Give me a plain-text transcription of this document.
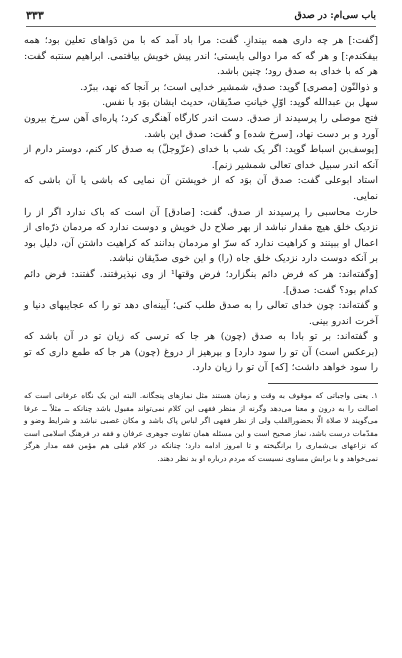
باب سی‌ام: در صدق
۳۳۳

[گفت:] هر چه داری همه بیندازِ. گفت: مرا باد آمد که با من دَواهای تعلین بود؛ همه بیفکندم:] و هر گه که مرا دوالی بایستی؛ اندر پیش خویش بیافتمی. ابراهیم سنتبه گفت: هر که با خدای به صدق رود؛ چنین باشد.

و ذوالنّون [مصری] گوید: صدق، شمشیر خدایی است؛ بر آنجا که نهد، ببرّد.

سهل بن عبدالله گوید: اوّلِ خیانتِ صدّیقان، حدیث ایشان بوَد با نفس.

فتح موصلی را پرسیدند از صدق. دست اندر کارگاه آهنگری کرد؛ پاره‌ای آهن سرخ بیرون آورد و بر دست نهاد، [سرخ شده] و گفت: صدق این باشد.

[یوسف‌بن اسباط گوید: اگر یک شب با خدای (عزّوجلّ) به صدق کار کنم، دوستر دارم از آنکه اندر سبیل خدای تعالی شمشیر زنم].

استاد ابوعلی گفت: صدق آن بوَد که از خویشتن آن نمایی که باشی یا آن باشی که نمایی.

حارث محاسبی را پرسیدند از صدق. گفت: [صادق] آن است که باک ندارد اگر از را نزدیک خلق هیچ مقدار نباشد از بهر صلاح دل خویش و دوست ندارد که مردمان ذرّه‌ای از اعمال او ببینند و کراهیت ندارد که سرّ او مردمان بدانند که کراهیت داشتن آن، دلیل بود بر آنکه دوست دارد نزدیک خلق جاه (را) و این خوی صدّیقان نباشد.

[وگفته‌اند: هر که فرض دائم بنگزارد؛ فرض وقتها¹ از وی نپذیرفتند. گفتند: فرض دائم کدام بود؟ گفت: صدق].

و گفته‌اند: چون خدای تعالی را به صدق طلب کنی؛ آیینه‌ای دهد تو را که عجایبهای دنیا و آخرت اندرو بینی.

و گفته‌اند: بر تو بادا به صدق (چون) هر جا که ترسی که زیان تو در آن باشد که (برعکس است) آن تو را سود دارد] و بپرهیز از دروغ (چون) هر جا که طمع داری که تو را سود خواهد داشت؛ [که] آن تو را زیان دارد.

۱. یعنی واجباتی که موقوف به وقت و زمان هستند مثل نمازهای پنجگانه. البته این یک نگاه عرفانی است که اصالت را به درون و معنا می‌دهد وگرنه از منظر فقهی این کلام نمی‌تواند مقبول باشد چنانکه ــ مثلاً ــ عرفا می‌گویند لا صلاة الّا بحضورالقلب ولی از نظر فقهی اگر لباس پاک باشد و مکان غصبی نباشد و شرایط وضو و مقدّمات درست باشد، نماز صحیح است و این مسئله همان تفاوت جوهری عرفان و فقه در فرهنگ اسلامی است که نزاعهای بی‌شماری را برانگیخته و تا امروز ادامه دارد؛ چنانکه در کلام قبلی هم مؤمن فقه مدار هرگز نمی‌خواهد و با برابش مساوی نسیست که مردم درباره او بد نظر دهند.
